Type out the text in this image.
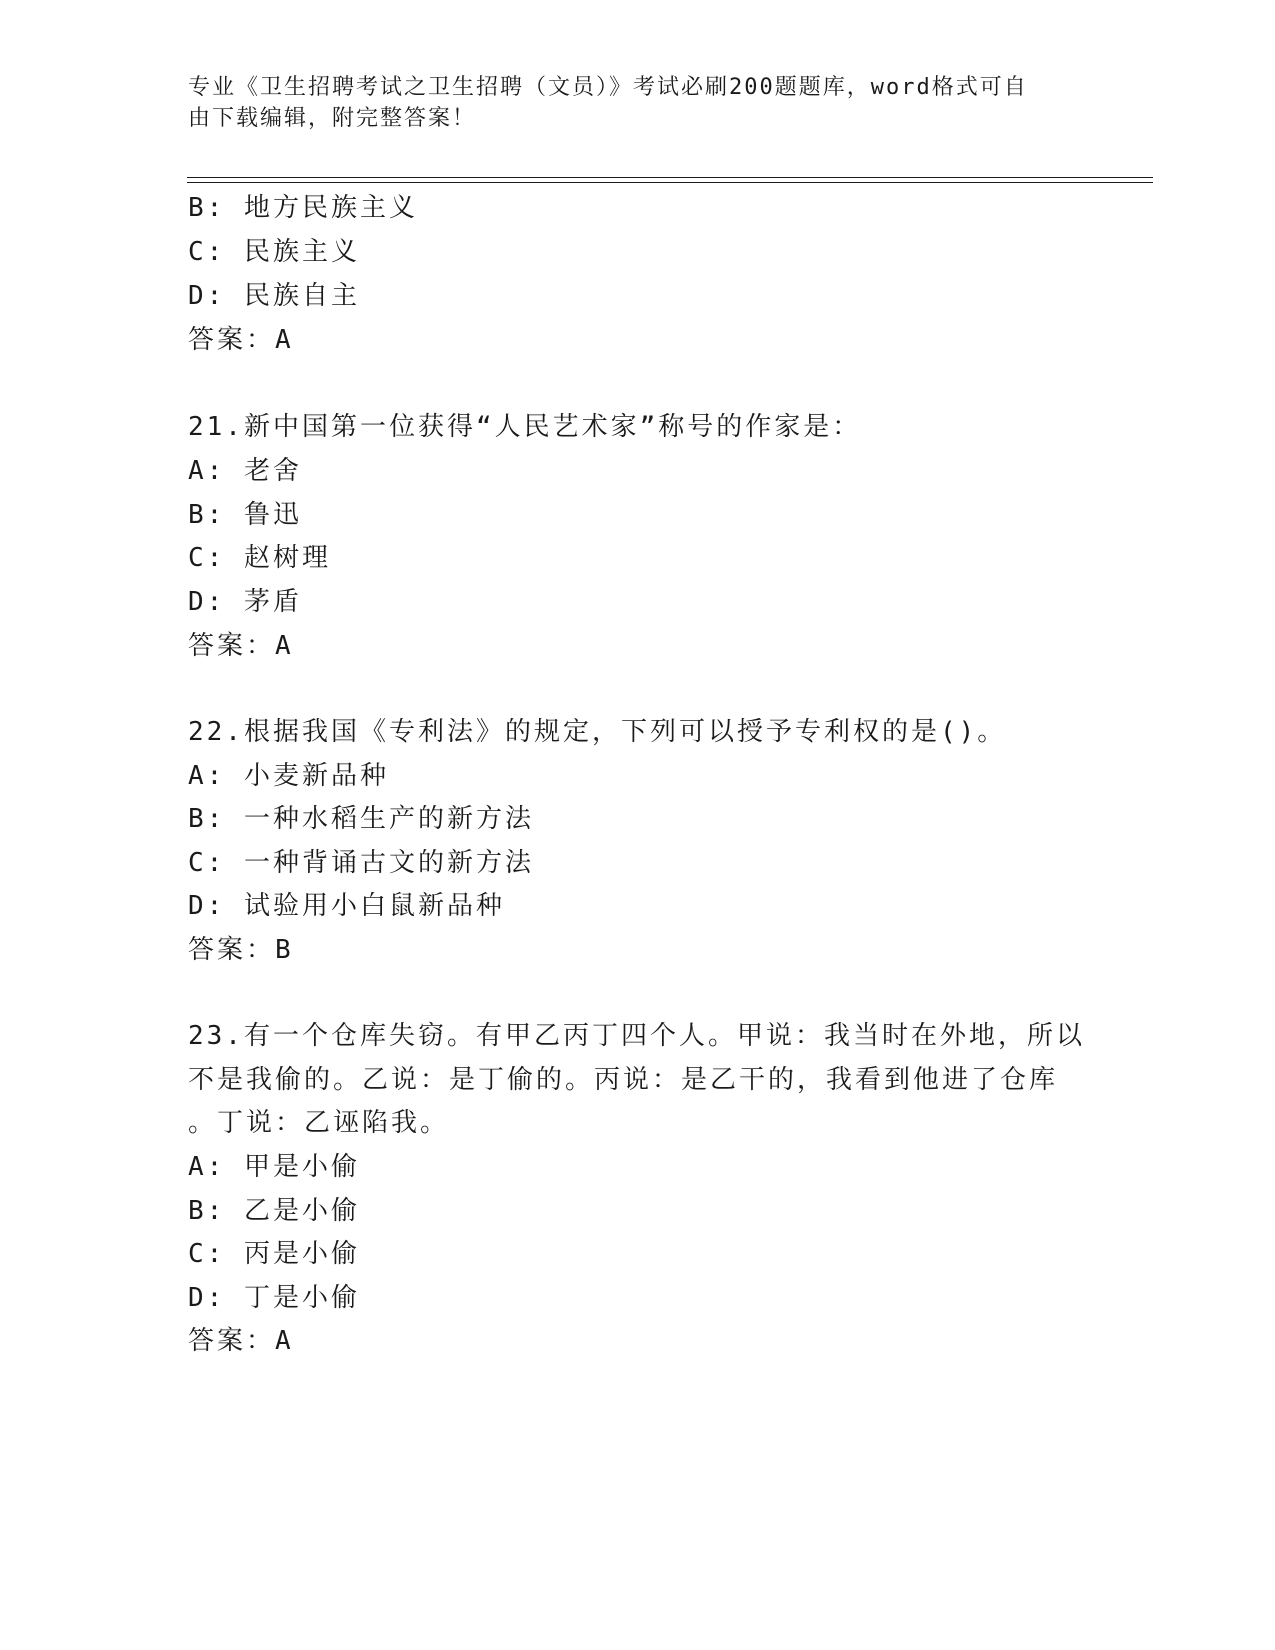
专业《卫生招聘考试之卫生招聘（文员）》考试必刷200题题库，word格式可自
由下载编辑，附完整答案！
B: 地方民族主义
C: 民族主义
D: 民族自主
答案：A
21.新中国第一位获得“人民艺术家”称号的作家是：
A: 老舍
B: 鲁迅
C: 赵树理
D: 茅盾
答案：A
22.根据我国《专利法》的规定，下列可以授予专利权的是()。
A: 小麦新品种
B: 一种水稻生产的新方法
C: 一种背诵古文的新方法
D: 试验用小白鼠新品种
答案：B
23.有一个仓库失窃。有甲乙丙丁四个人。甲说：我当时在外地，所以
不是我偷的。乙说：是丁偷的。丙说：是乙干的，我看到他进了仓库
。丁说：乙诬陷我。
A: 甲是小偷
B: 乙是小偷
C: 丙是小偷
D: 丁是小偷
答案：A
